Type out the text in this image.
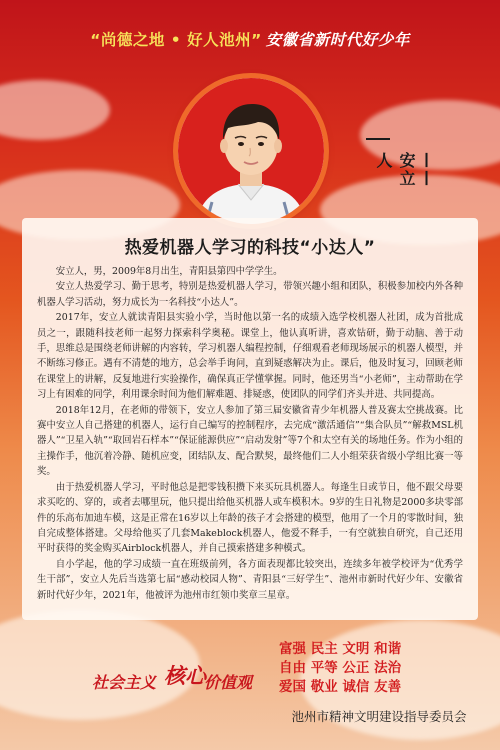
“尚德之地 • 好人池州” 安徽省新时代好少年
——安立人
热爱机器人学习的科技“小达人”

安立人，男，2009年8月出生，青阳县第四中学学生。

安立人热爱学习、勤于思考，特别是热爱机器人学习，带领兴趣小组和团队，积极参加校内外各种机器人学习活动，努力成长为一名科技“小达人”。

2017年，安立人就读青阳县实验小学，当时他以第一名的成绩入选学校机器人社团，成为首批成员之一，跟随科技老师一起努力探索科学奥秘。课堂上，他认真听讲，喜欢钻研，勤于动脑、善于动手，思维总是围绕老师讲解的内容转，学习机器人编程控制，仔细观看老师现场展示的机器人模型，并不断练习修正。遇有不清楚的地方，总会举手询问，直到疑惑解决为止。课后，他及时复习，回顾老师在课堂上的讲解，反复地进行实验操作，确保真正学懂掌握。同时，他还男当“小老师”，主动帮助在学习上有困难的同学，利用课余时间为他们解难题、排疑惑，使团队的同学们齐头并进、共同提高。

2018年12月，在老师的带领下，安立人参加了第三届安徽省青少年机器人普及赛太空挑战赛。比赛中安立人自己搭建的机器人，运行自己编写的控制程序，去完成“激活通信”“集合队员”“解救MSL机器人”“卫星入轨”“取回岩石样本”“保证能源供应”“启动发射”等7个和太空有关的场地任务。作为小组的主操作手，他沉着冷静、随机应变，团结队友、配合默契，最终他们二人小组荣获省级小学组比赛一等奖。

由于热爱机器人学习，平时他总是把零钱积攒下来买玩具机器人。每逢生日或节日，他不跟父母要求买吃的、穿的，或者去哪里玩，他只提出给他买机器人或车模积木。9岁的生日礼物是2000多块零部件的乐高布加迪车模，这是正常在16岁以上年龄的孩子才会搭建的模型，他用了一个月的零散时间，独自完成整体搭建。父母给他买了几套Makeblock机器人，他爱不释手，一有空就独自研究，自己还用平时获得的奖金购买Airblock机器人，并自己摸索搭建多种模式。

自小学起，他的学习成绩一直在班级前列，各方面表现都比较突出，连续多年被学校评为“优秀学生干部”，安立人先后当选第七届“感动校园人物”、青阳县“三好学生”、池州市新时代好少年、安徽省新时代好少年，2021年，他被评为池州市红领巾奖章三星章。

社会主义 核心
价值观
富强 民主 文明 和谐
自由 平等 公正 法治
爱国 敬业 诚信 友善
池州市精神文明建设指导委员会
